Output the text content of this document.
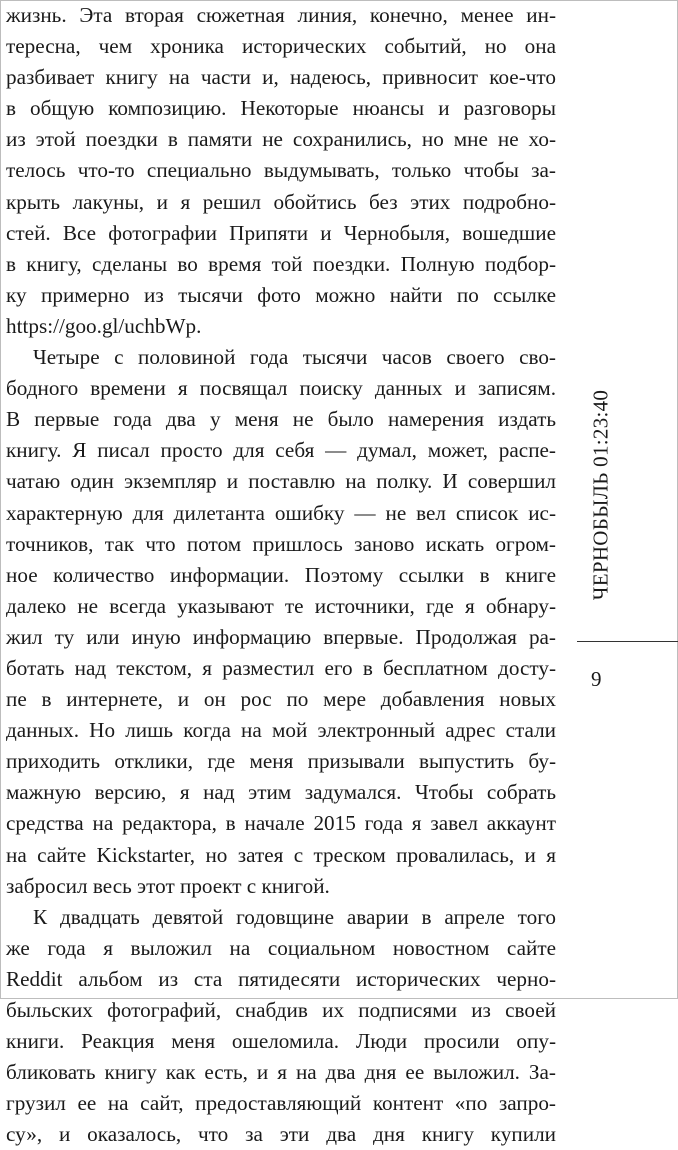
жизнь. Эта вторая сюжетная линия, конечно, менее ин-
тересна, чем хроника исторических событий, но она
разбивает книгу на части и, надеюсь, привносит кое-что
в общую композицию. Некоторые нюансы и разговоры
из этой поездки в памяти не сохранились, но мне не хо-
телось что-то специально выдумывать, только чтобы за-
крыть лакуны, и я решил обойтись без этих подробно-
стей. Все фотографии Припяти и Чернобыля, вошедшие
в книгу, сделаны во время той поездки. Полную подбор-
ку примерно из тысячи фото можно найти по ссылке
https://goo.gl/uchbWp.
Четыре с половиной года тысячи часов своего сво-
бодного времени я посвящал поиску данных и записям.
В первые года два у меня не было намерения издать
книгу. Я писал просто для себя — думал, может, распе-
чатаю один экземпляр и поставлю на полку. И совершил
характерную для дилетанта ошибку — не вел список ис-
точников, так что потом пришлось заново искать огром-
ное количество информации. Поэтому ссылки в книге
далеко не всегда указывают те источники, где я обнару-
жил ту или иную информацию впервые. Продолжая ра-
ботать над текстом, я разместил его в бесплатном досту-
пе в интернете, и он рос по мере добавления новых
данных. Но лишь когда на мой электронный адрес стали
приходить отклики, где меня призывали выпустить бу-
мажную версию, я над этим задумался. Чтобы собрать
средства на редактора, в начале 2015 года я завел аккаунт
на сайте Kickstarter, но затея с треском провалилась, и я
забросил весь этот проект с книгой.
К двадцать девятой годовщине аварии в апреле того
же года я выложил на социальном новостном сайте
Reddit альбом из ста пятидесяти исторических черно-
быльских фотографий, снабдив их подписями из своей
книги. Реакция меня ошеломила. Люди просили опу-
бликовать книгу как есть, и я на два дня ее выложил. За-
грузил ее на сайт, предоставляющий контент «по запро-
су», и оказалось, что за эти два дня книгу купили
ЧЕРНОБЫЛЬ 01:23:40
9
